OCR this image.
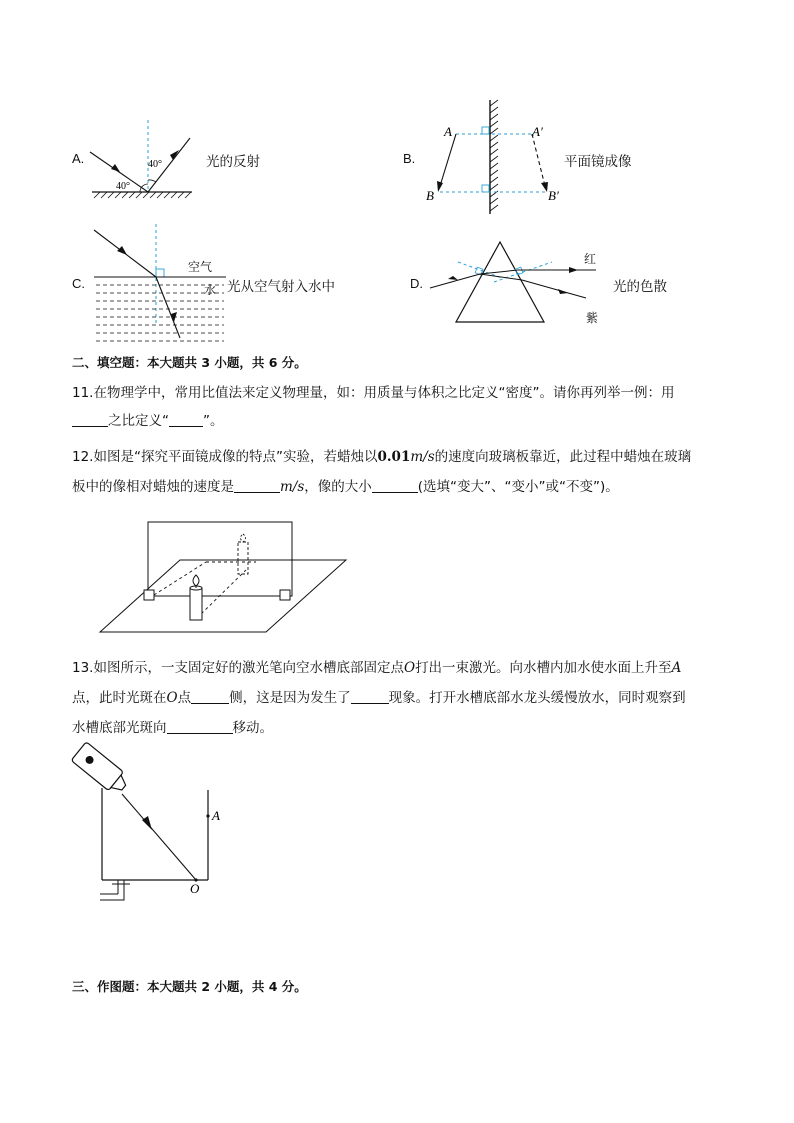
A.	40°
40°
光的反射	B.
A	A′
B	B′
平面镜成像
C.
空气
水 光从空气射入水中	D.
红
紫
光的色散
二、填空题：本大题共 3 小题，共 6 分。
11.在物理学中，常用比值法来定义物理量，如：用质量与体积之比定义“密度”。请你再列举一例：用
之比定义“	”。
12.如图是“探究平面镜成像的特点”实验，若蜡烛以0.01m/s的速度向玻璃板靠近，此过程中蜡烛在玻璃
板中的像相对蜡烛的速度是	m/s，像的大小	(选填“变大”、“变小”或“不变”)。
13.如图所示，一支固定好的激光笔向空水槽底部固定点O打出一束激光。向水槽内加水使水面上升至A
点，此时光斑在O点	侧，这是因为发生了	现象。打开水槽底部水龙头缓慢放水，同时观察到
水槽底部光斑向	移动。
A
O
三、作图题：本大题共 2 小题，共 4 分。
